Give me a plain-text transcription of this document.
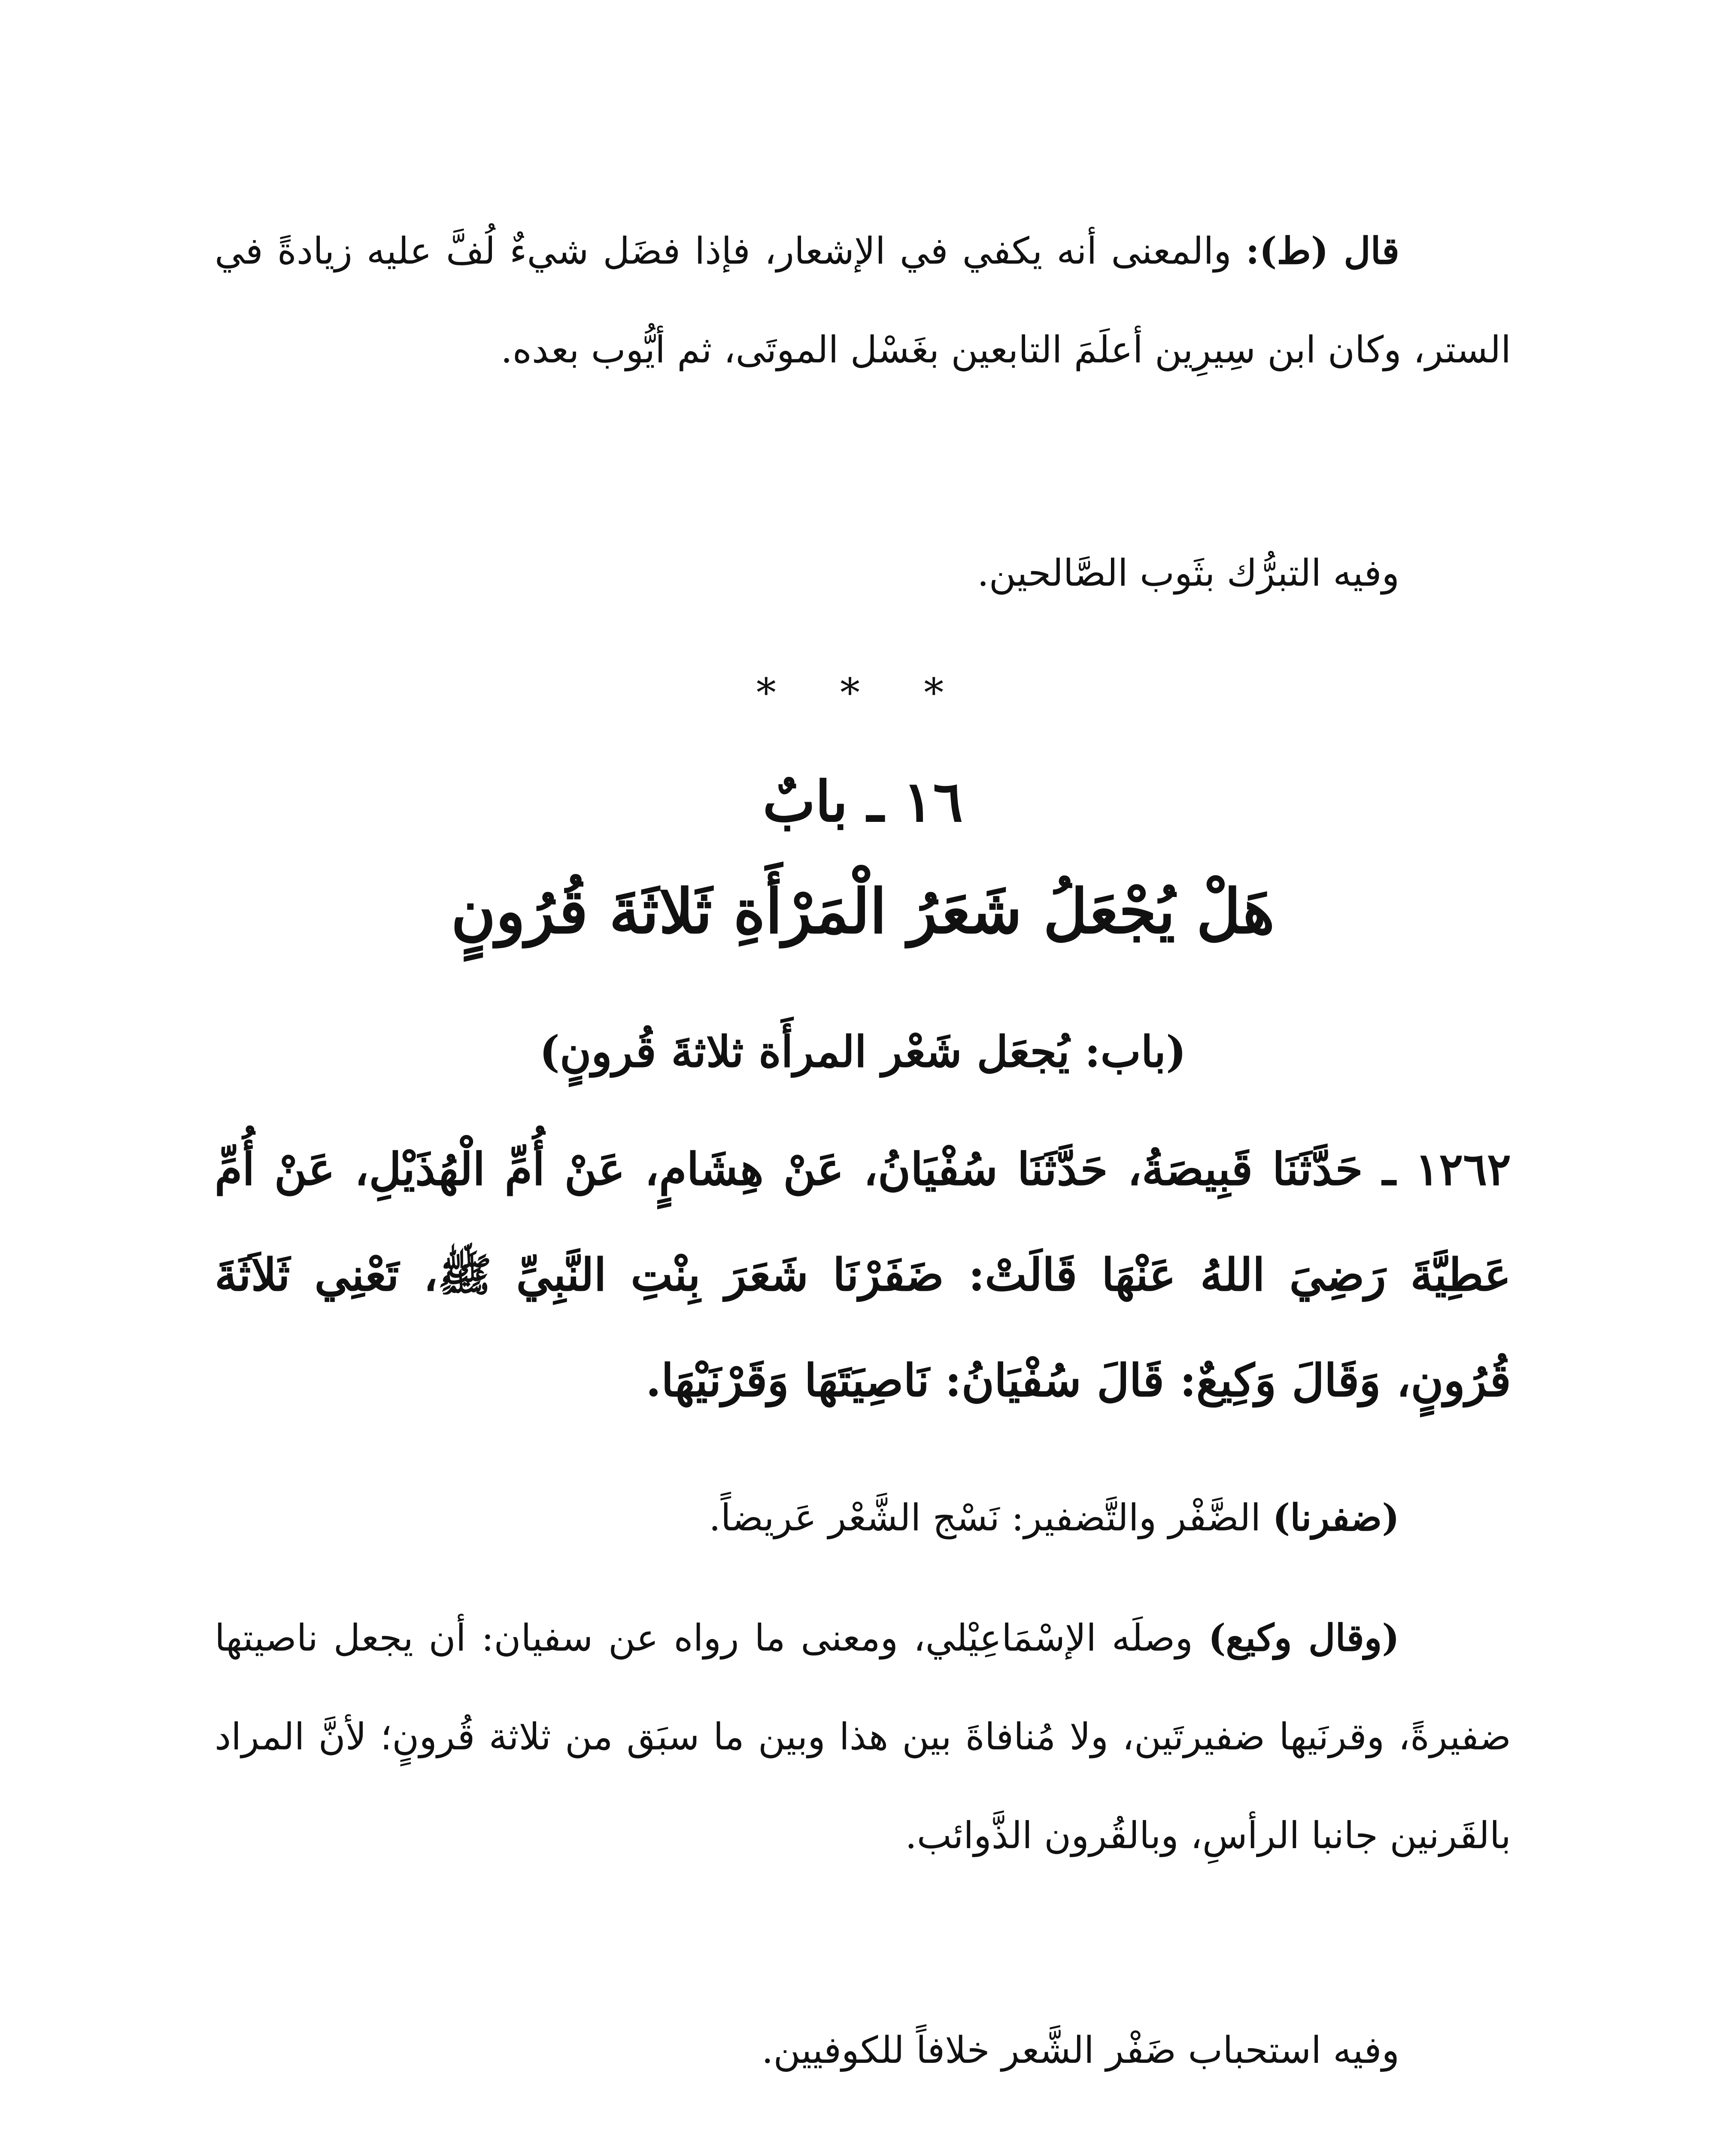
قال (ط): والمعنى أنه يكفي في الإشعار، فإذا فضَل شيءٌ لُفَّ عليه زيادةً في الستر، وكان ابن سِيرِين أعلَمَ التابعين بغَسْل الموتَى، ثم أيُّوب بعده.

وفيه التبرُّك بثَوب الصَّالحين.

* * *
١٦ ـ بابٌ
هَلْ يُجْعَلُ شَعَرُ الْمَرْأَةِ ثَلاثَةَ قُرُونٍ
(باب: يُجعَل شَعْر المرأَة ثلاثةَ قُرونٍ)

١٢٦٢ ـ حَدَّثَنَا قَبِيصَةُ، حَدَّثَنَا سُفْيَانُ، عَنْ هِشَامٍ، عَنْ أُمِّ الْهُذَيْلِ، عَنْ أُمِّ عَطِيَّةَ رَضِيَ اللهُ عَنْهَا قَالَتْ: ضَفَرْنَا شَعَرَ بِنْتِ النَّبِيِّ ﷺ، تَعْنِي ثَلاَثَةَ قُرُونٍ، وَقَالَ وَكِيعٌ: قَالَ سُفْيَانُ: نَاصِيَتَهَا وَقَرْنَيْهَا.

(ضفرنا) الضَّفْر والتَّضفير: نَسْج الشَّعْر عَريضاً.

(وقال وكيع) وصلَه الإسْمَاعِيْلي، ومعنى ما رواه عن سفيان: أن يجعل ناصيتها ضفيرةً، وقرنَيها ضفيرتَين، ولا مُنافاةَ بين هذا وبين ما سبَق من ثلاثة قُرونٍ؛ لأنَّ المراد بالقَرنين جانبا الرأسِ، وبالقُرون الذَّوائب.

وفيه استحباب ضَفْر الشَّعر خلافاً للكوفيين.
